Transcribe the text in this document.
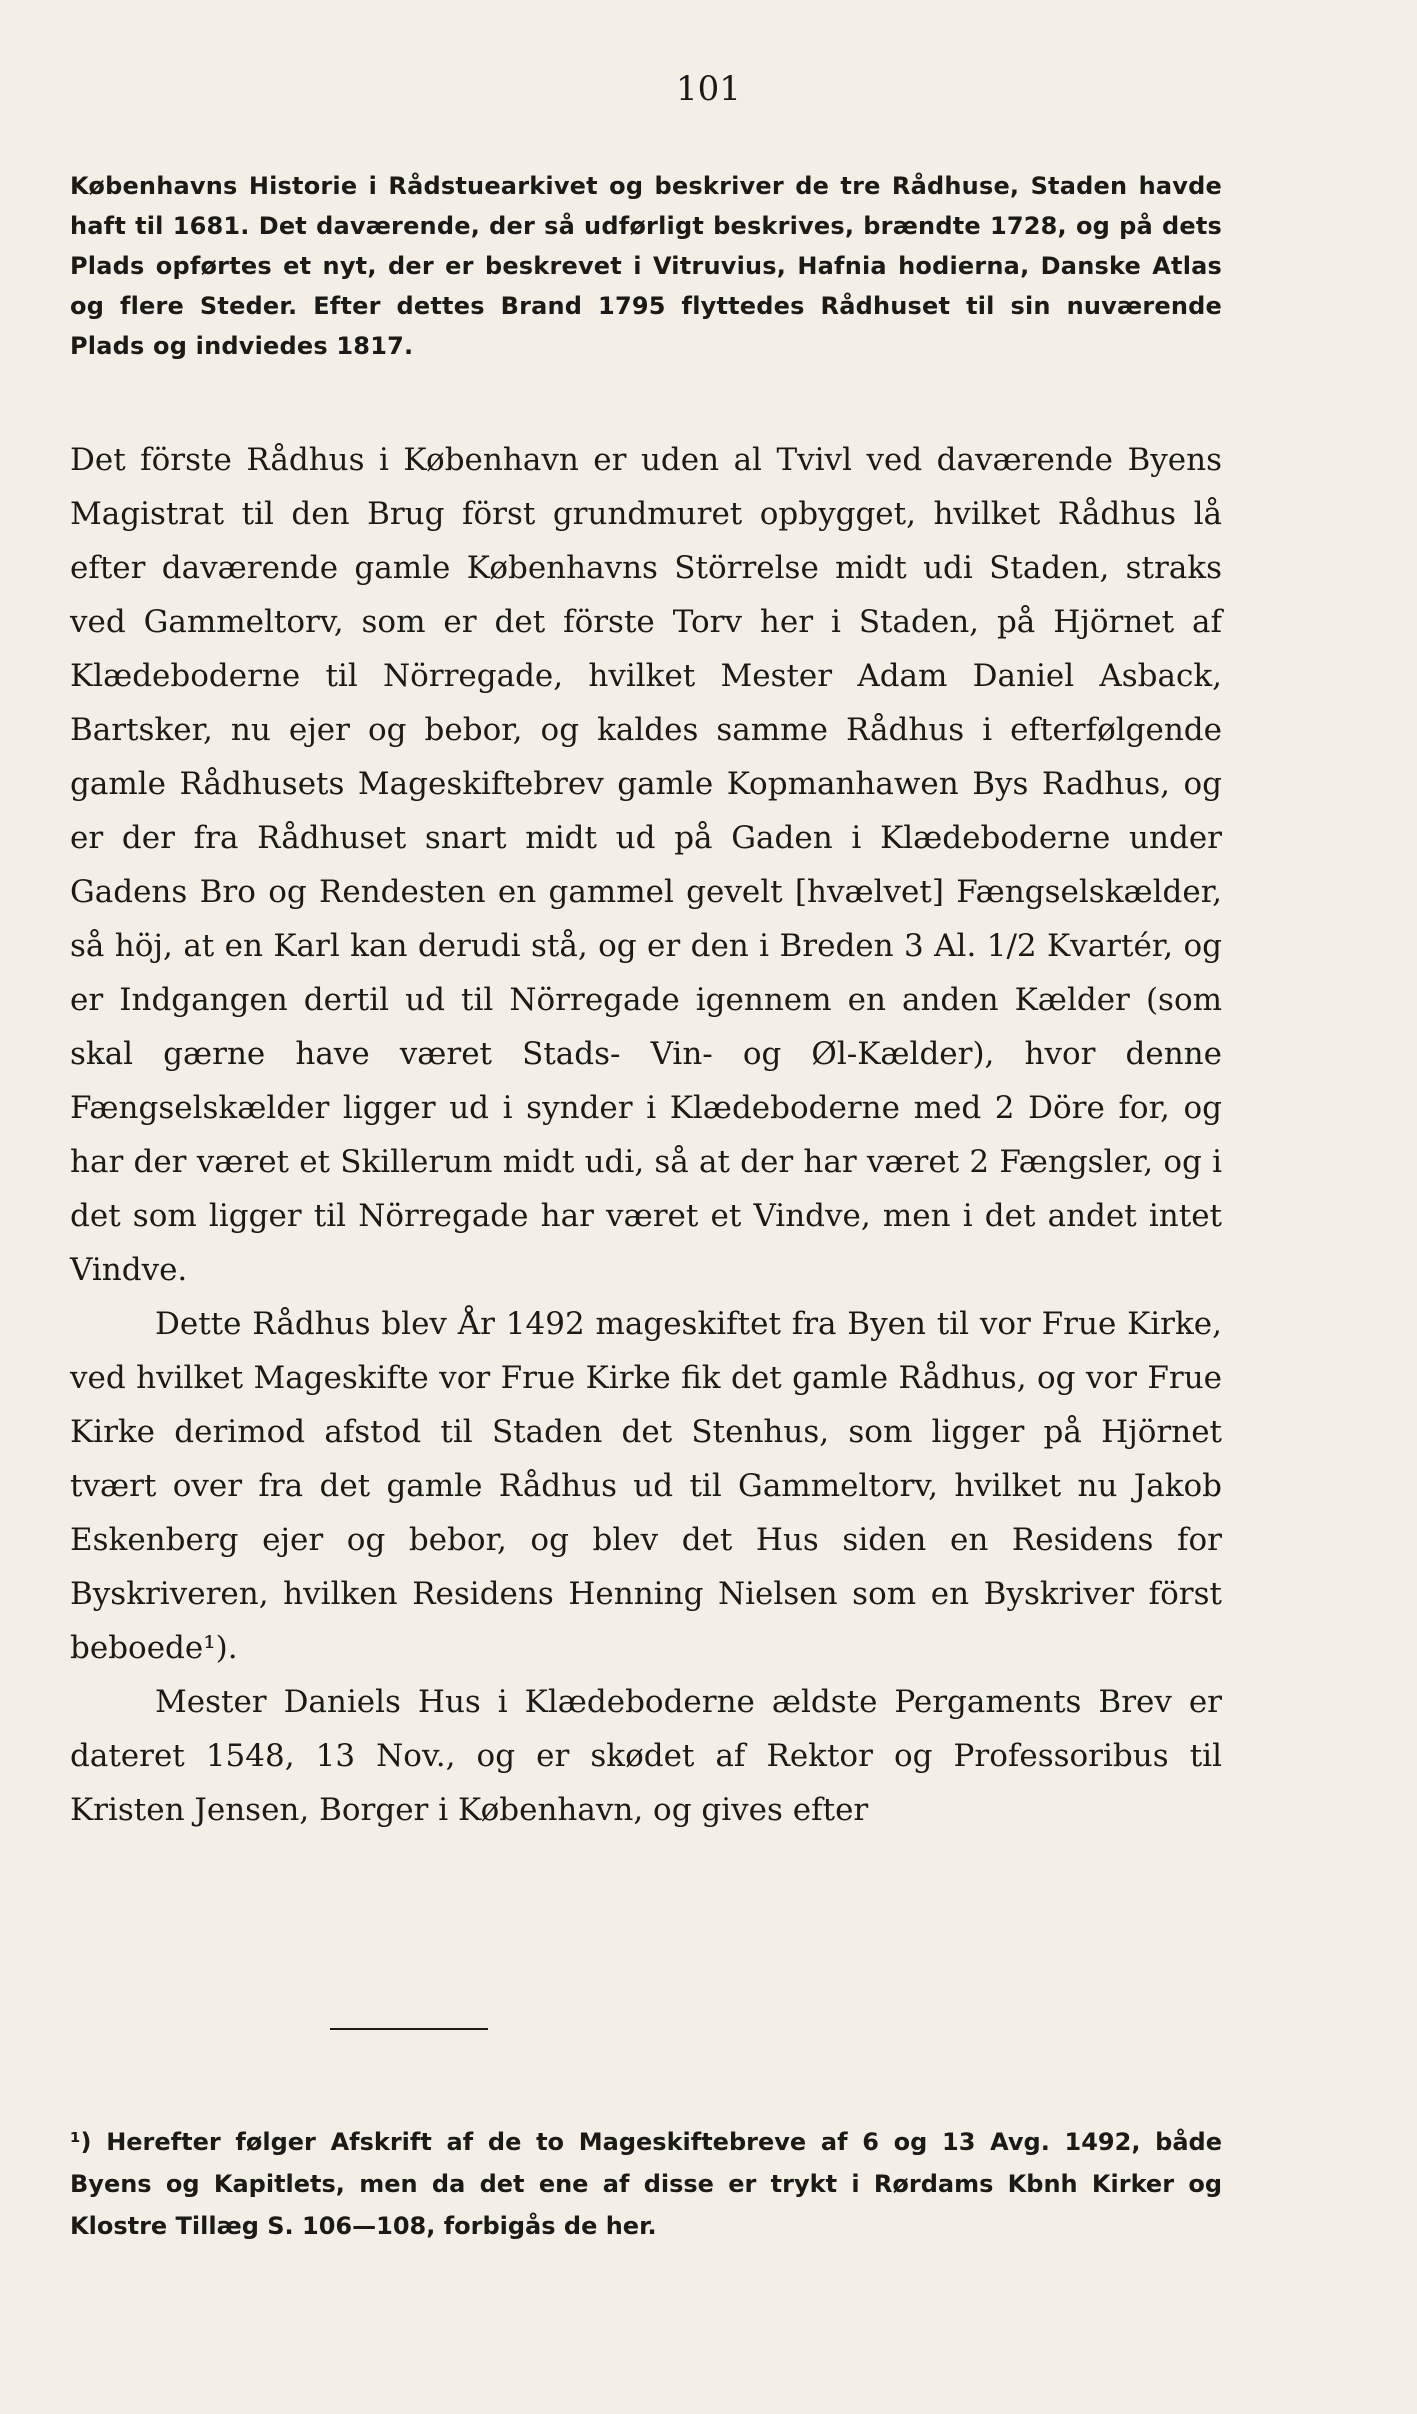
101
Københavns Historie i Rådstuearkivet og beskriver de tre Rådhuse, Staden havde haft til 1681. Det daværende, der så udførligt beskrives, brændte 1728, og på dets Plads opførtes et nyt, der er beskrevet i Vitruvius, Hafnia hodierna, Danske Atlas og flere Steder. Efter dettes Brand 1795 flyttedes Rådhuset til sin nuværende Plads og indviedes 1817.

Det förste Rådhus i København er uden al Tvivl ved daværende Byens Magistrat til den Brug först grundmuret opbygget, hvilket Rådhus lå efter daværende gamle Københavns Störrelse midt udi Staden, straks ved Gammeltorv, som er det förste Torv her i Staden, på Hjörnet af Klædeboderne til Nörregade, hvilket Mester Adam Daniel Asback, Bartsker, nu ejer og bebor, og kaldes samme Rådhus i efterfølgende gamle Rådhusets Mageskiftebrev gamle Kopmanhawen Bys Radhus, og er der fra Rådhuset snart midt ud på Gaden i Klædeboderne under Gadens Bro og Rendesten en gammel gevelt [hvælvet] Fængselskælder, så höj, at en Karl kan derudi stå, og er den i Breden 3 Al. 1/2 Kvartér, og er Indgangen dertil ud til Nörregade igennem en anden Kælder (som skal gærne have været Stads- Vin- og Øl-Kælder), hvor denne Fængselskælder ligger ud i synder i Klædeboderne med 2 Döre for, og har der været et Skillerum midt udi, så at der har været 2 Fængsler, og i det som ligger til Nörregade har været et Vindve, men i det andet intet Vindve.

Dette Rådhus blev År 1492 mageskiftet fra Byen til vor Frue Kirke, ved hvilket Mageskifte vor Frue Kirke fik det gamle Rådhus, og vor Frue Kirke derimod afstod til Staden det Stenhus, som ligger på Hjörnet tvært over fra det gamle Rådhus ud til Gammeltorv, hvilket nu Jakob Eskenberg ejer og bebor, og blev det Hus siden en Residens for Byskriveren, hvilken Residens Henning Nielsen som en Byskriver först beboede¹).

Mester Daniels Hus i Klædeboderne ældste Pergaments Brev er dateret 1548, 13 Nov., og er skødet af Rektor og Professoribus til Kristen Jensen, Borger i København, og gives efter

¹) Herefter følger Afskrift af de to Mageskiftebreve af 6 og 13 Avg. 1492, både Byens og Kapitlets, men da det ene af disse er trykt i Rørdams Kbnh Kirker og Klostre Tillæg S. 106—108, forbigås de her.
